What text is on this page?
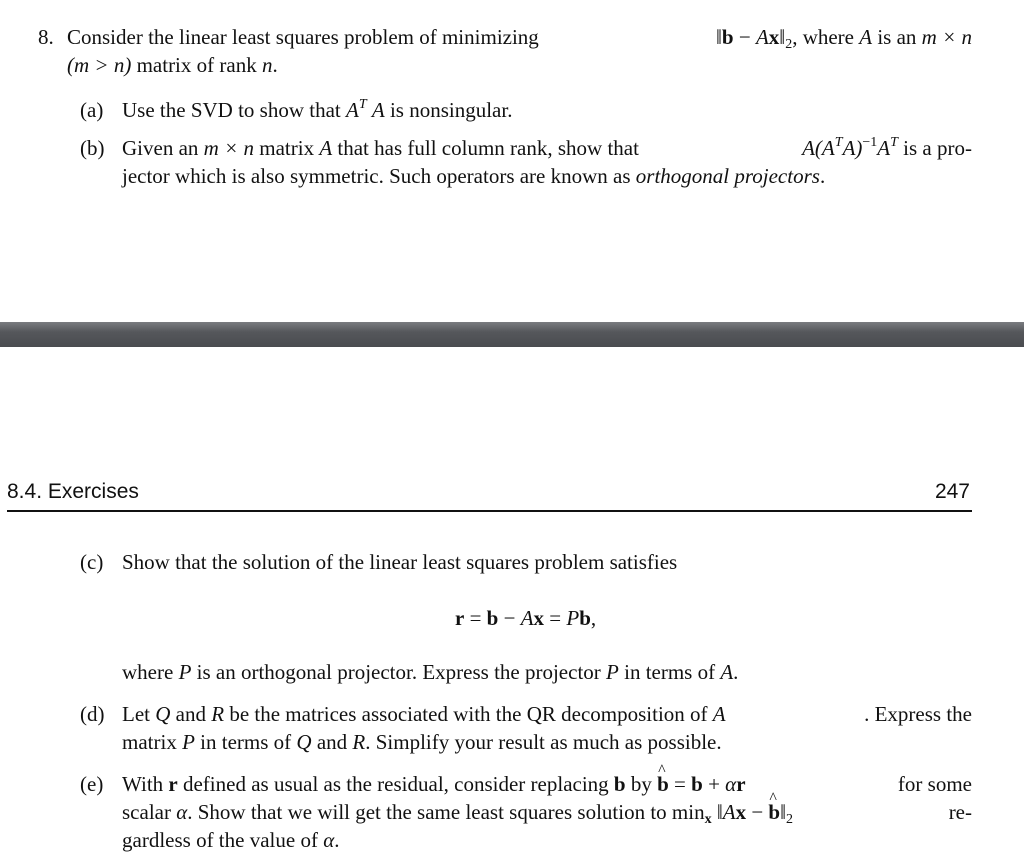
8. Consider the linear least squares problem of minimizing	‖b − $Ax‖_2$, where A is an m × n
(m > n) matrix of rank n.
(a) Use the SVD to show that $A^T$ A is nonsingular.
(b) Given an m × n matrix A that has full column rank, show that	$A(A^TA)^{-1}A^T$ is a pro-
jector which is also symmetric. Such operators are known as orthogonal projectors.
8.4. Exercises	247
(c) Show that the solution of the linear least squares problem satisfies
r = b − Ax = Pb,
where P is an orthogonal projector. Express the projector P in terms of A.
(d) Let Q and R be the matrices associated with the QR decomposition of A	. Express the
matrix P in terms of Q and R. Simplify your result as much as possible.
(e) With r defined as usual as the residual, consider replacing b by ^ b = b + αr	for some
scalar α. Show that we will get the same least squares solution to $\min_x$ ‖Ax − ^ $b‖_2$	re-
gardless of the value of α.
